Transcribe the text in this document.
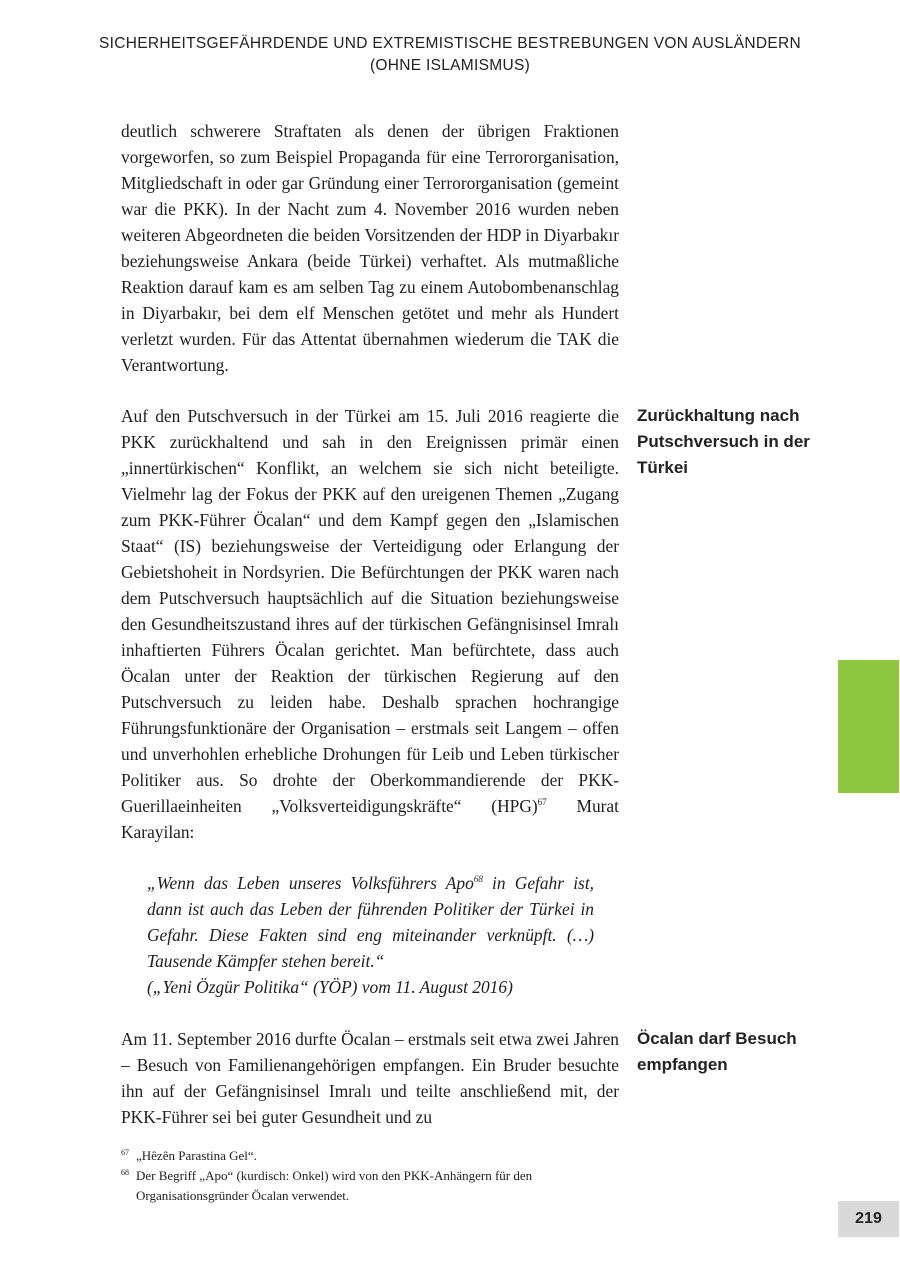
SICHERHEITSGEFÄHRDENDE UND EXTREMISTISCHE BESTREBUNGEN VON AUSLÄNDERN
(OHNE ISLAMISMUS)
deutlich schwerere Straftaten als denen der übrigen Fraktionen vorgeworfen, so zum Beispiel Propaganda für eine Terrororganisation, Mitgliedschaft in oder gar Gründung einer Terrororganisation (gemeint war die PKK). In der Nacht zum 4. November 2016 wurden neben weiteren Abgeordneten die beiden Vorsitzenden der HDP in Diyarbakır beziehungsweise Ankara (beide Türkei) verhaftet. Als mutmaßliche Reaktion darauf kam es am selben Tag zu einem Autobombenanschlag in Diyarbakır, bei dem elf Menschen getötet und mehr als Hundert verletzt wurden. Für das Attentat übernahmen wiederum die TAK die Verantwortung.
Auf den Putschversuch in der Türkei am 15. Juli 2016 reagierte die PKK zurückhaltend und sah in den Ereignissen primär einen „innertürkischen“ Konflikt, an welchem sie sich nicht beteiligte. Vielmehr lag der Fokus der PKK auf den ureigenen Themen „Zugang zum PKK-Führer Öcalan“ und dem Kampf gegen den „Islamischen Staat“ (IS) beziehungsweise der Verteidigung oder Erlangung der Gebietshoheit in Nordsyrien. Die Befürchtungen der PKK waren nach dem Putschversuch hauptsächlich auf die Situation beziehungsweise den Gesundheitszustand ihres auf der türkischen Gefängnisinsel Imralı inhaftierten Führers Öcalan gerichtet. Man befürchtete, dass auch Öcalan unter der Reaktion der türkischen Regierung auf den Putschversuch zu leiden habe. Deshalb sprachen hochrangige Führungsfunktionäre der Organisation – erstmals seit Langem – offen und unverhohlen erhebliche Drohungen für Leib und Leben türkischer Politiker aus. So drohte der Oberkommandierende der PKK-Guerillaeinheiten „Volksverteidigungskräfte“ (HPG)$^{67}$ Murat Karayilan:
„Wenn das Leben unseres Volksführers Apo$^{68}$ in Gefahr ist, dann ist auch das Leben der führenden Politiker der Türkei in Gefahr. Diese Fakten sind eng miteinander verknüpft. (…) Tausende Kämpfer stehen bereit.“
(„Yeni Özgür Politika“ (YÖP) vom 11. August 2016)
Am 11. September 2016 durfte Öcalan – erstmals seit etwa zwei Jahren – Besuch von Familienangehörigen empfangen. Ein Bruder besuchte ihn auf der Gefängnisinsel Imralı und teilte anschließend mit, der PKK-Führer sei bei guter Gesundheit und zu
Zurückhaltung nach Putschversuch in der Türkei
Öcalan darf Besuch empfangen
67 „Hêzên Parastina Gel“.
68 Der Begriff „Apo“ (kurdisch: Onkel) wird von den PKK-Anhängern für den Organisationsgründer Öcalan verwendet.
219
